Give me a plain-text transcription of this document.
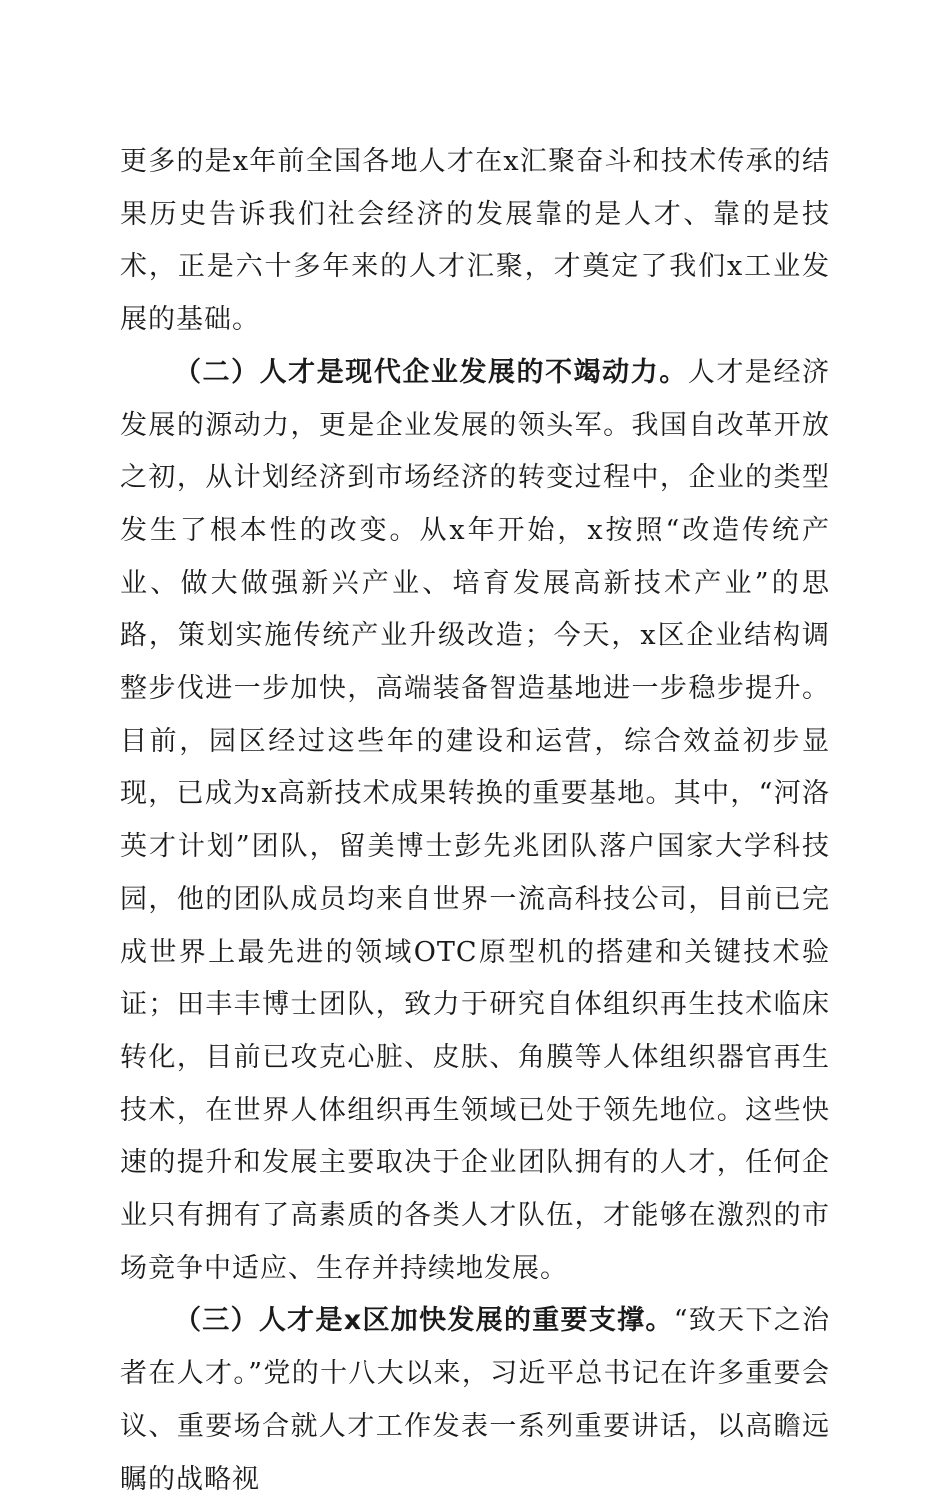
更多的是x年前全国各地人才在x汇聚奋斗和技术传承的结果历史告诉我们社会经济的发展靠的是人才、靠的是技术，正是六十多年来的人才汇聚，才奠定了我们x工业发展的基础。

（二）人才是现代企业发展的不竭动力。人才是经济发展的源动力，更是企业发展的领头军。我国自改革开放之初，从计划经济到市场经济的转变过程中，企业的类型发生了根本性的改变。从x年开始，x按照“改造传统产业、做大做强新兴产业、培育发展高新技术产业”的思路，策划实施传统产业升级改造；今天，x区企业结构调整步伐进一步加快，高端装备智造基地进一步稳步提升。目前，园区经过这些年的建设和运营，综合效益初步显现，已成为x高新技术成果转换的重要基地。其中，“河洛英才计划”团队，留美博士彭先兆团队落户国家大学科技园，他的团队成员均来自世界一流高科技公司，目前已完成世界上最先进的领域OTC原型机的搭建和关键技术验证；田丰丰博士团队，致力于研究自体组织再生技术临床转化，目前已攻克心脏、皮肤、角膜等人体组织器官再生技术，在世界人体组织再生领域已处于领先地位。这些快速的提升和发展主要取决于企业团队拥有的人才，任何企业只有拥有了高素质的各类人才队伍，才能够在激烈的市场竞争中适应、生存并持续地发展。

（三）人才是x区加快发展的重要支撑。“致天下之治者在人才。”党的十八大以来，习近平总书记在许多重要会议、重要场合就人才工作发表一系列重要讲话，以高瞻远瞩的战略视
